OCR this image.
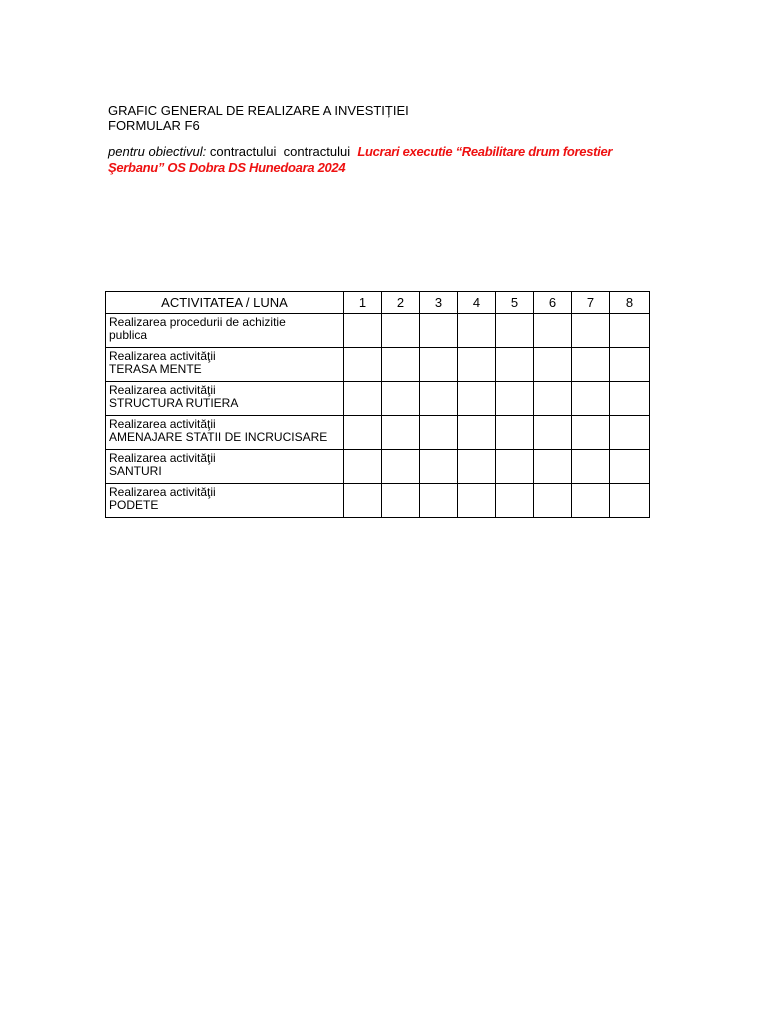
GRAFIC GENERAL DE REALIZARE A INVESTIȚIEI
FORMULAR F6
pentru obiectivul: contractului contractului Lucrari executie “Reabilitare drum forestier
Şerbanu” OS Dobra DS Hunedoara 2024
ACTIVITATEA / LUNA	1	2	3	4	5	6	7	8

Realizarea procedurii de achizitie
publica								

Realizarea activităţii
TERASA MENTE								

Realizarea activităţii
STRUCTURA RUTIERA								

Realizarea activităţii
AMENAJARE STATII DE INCRUCISARE								

Realizarea activităţii
SANTURI								

Realizarea activităţii
PODETE								
